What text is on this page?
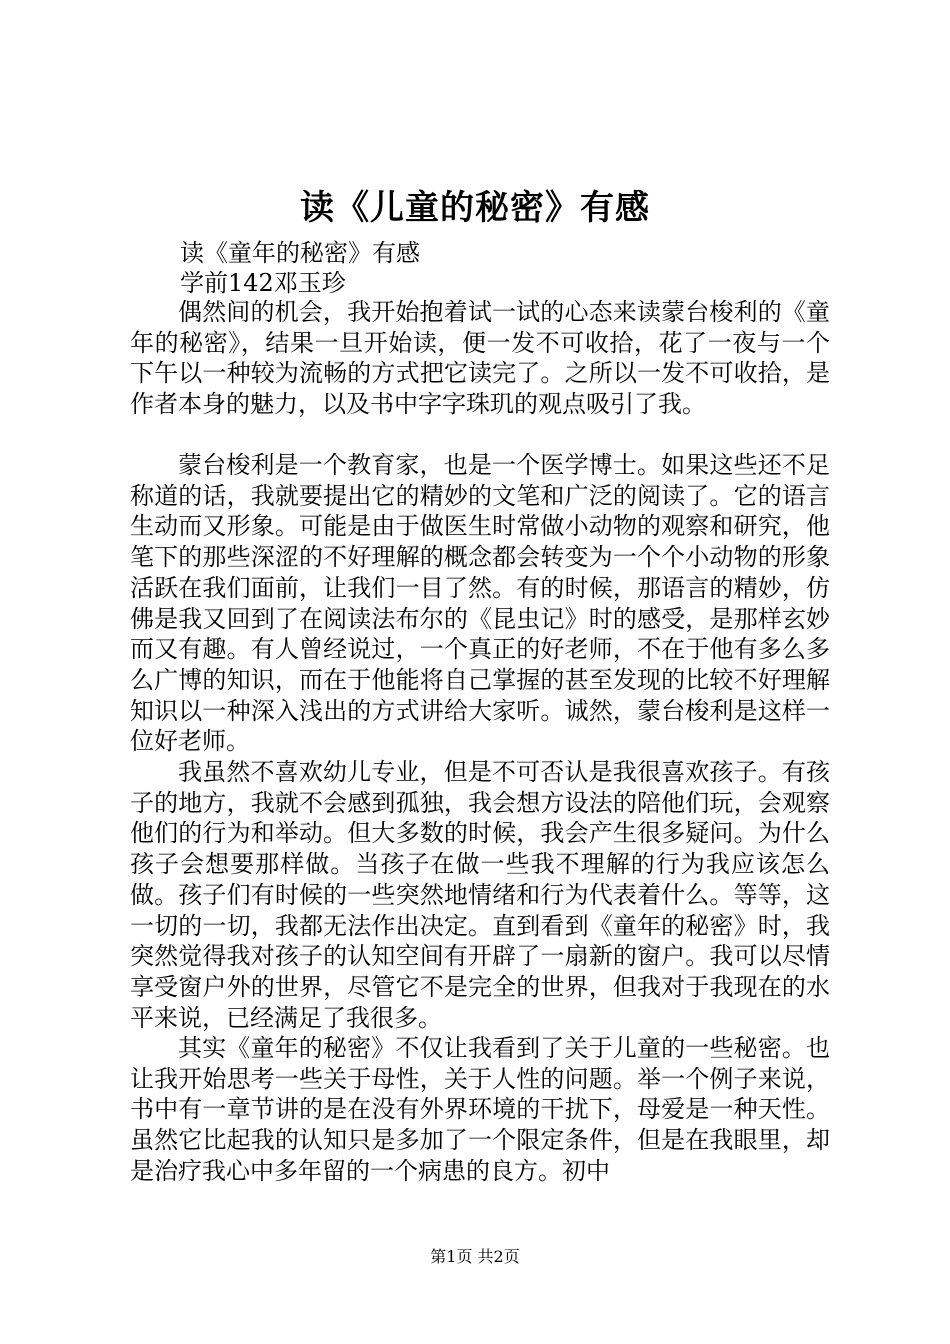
读《儿童的秘密》有感
读《童年的秘密》有感
学前142邓玉珍

偶然间的机会，我开始抱着试一试的心态来读蒙台梭利的《童年的秘密》，结果一旦开始读，便一发不可收拾，花了一夜与一个下午以一种较为流畅的方式把它读完了。之所以一发不可收拾，是作者本身的魅力，以及书中字字珠玑的观点吸引了我。

蒙台梭利是一个教育家，也是一个医学博士。如果这些还不足称道的话，我就要提出它的精妙的文笔和广泛的阅读了。它的语言生动而又形象。可能是由于做医生时常做小动物的观察和研究，他笔下的那些深涩的不好理解的概念都会转变为一个个小动物的形象活跃在我们面前，让我们一目了然。有的时候，那语言的精妙，仿佛是我又回到了在阅读法布尔的《昆虫记》时的感受，是那样玄妙而又有趣。有人曾经说过，一个真正的好老师，不在于他有多么多么广博的知识，而在于他能将自己掌握的甚至发现的比较不好理解知识以一种深入浅出的方式讲给大家听。诚然，蒙台梭利是这样一位好老师。

我虽然不喜欢幼儿专业，但是不可否认是我很喜欢孩子。有孩子的地方，我就不会感到孤独，我会想方设法的陪他们玩，会观察他们的行为和举动。但大多数的时候，我会产生很多疑问。为什么孩子会想要那样做。当孩子在做一些我不理解的行为我应该怎么做。孩子们有时候的一些突然地情绪和行为代表着什么。等等，这一切的一切，我都无法作出决定。直到看到《童年的秘密》时，我突然觉得我对孩子的认知空间有开辟了一扇新的窗户。我可以尽情享受窗户外的世界，尽管它不是完全的世界，但我对于我现在的水平来说，已经满足了我很多。

其实《童年的秘密》不仅让我看到了关于儿童的一些秘密。也让我开始思考一些关于母性，关于人性的问题。举一个例子来说，书中有一章节讲的是在没有外界环境的干扰下，母爱是一种天性。虽然它比起我的认知只是多加了一个限定条件，但是在我眼里，却是治疗我心中多年留的一个病患的良方。初中

第1页 共2页
